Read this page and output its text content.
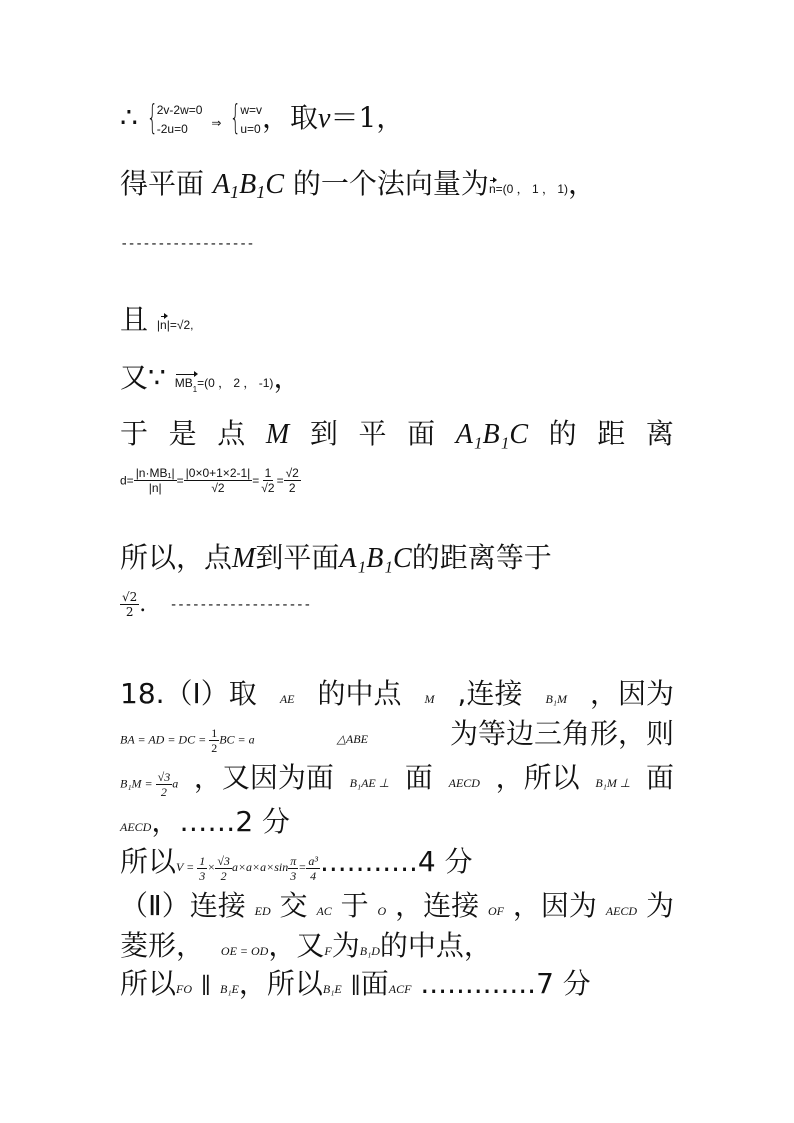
∴ { 2v-2w=0
-2u=0	⇒ { w=v
u=0 ，取v＝1，
得平面 $A_1B_1C$ 的一个法向量为n=(0 ， 1 ， 1)，
------------------
且 |n|=√2,
又∵ $MB_1=(0$ ， 2 ， -1)，
于 是 点 M 到 平 面 A₁B₁C 的 距 离
$d= \frac{\text{|n·MB₁|}}{|n|} = \frac{|0\times 0+1\times 2-1|}{√2} = \frac{1}{√2} = \frac{√2}{2}$
所以，点M到平面A₁B₁C的距离等于
$\frac{√2}{2}$ . -------------------
18.（Ⅰ）取 AE 的中点 M ,连接 B₁M ，因为
BA = AD = DC = $\frac{1}{2}$ BC = a	△ABE	为等边三角形，则
$B_1M = \frac{√3}{2}$ a ，又因为面 B₁AE ⊥ 面 AECD ，所以 B₁M ⊥ 面
AECD，……2 分
所以$V = \frac{1}{3} \times \frac{√3}{2} a\times a\times a\times\sin \frac{\pi}{3} = \frac{\text{a³}}{4} ...........4$ 分
（Ⅱ）连接 ED 交 AC 于 O ，连接 OF ，因为 AECD 为
菱形， OE = OD，又F为B₁D的中点，
所以FO ∥ B₁E，所以B₁E ∥面ACF .............7 分
